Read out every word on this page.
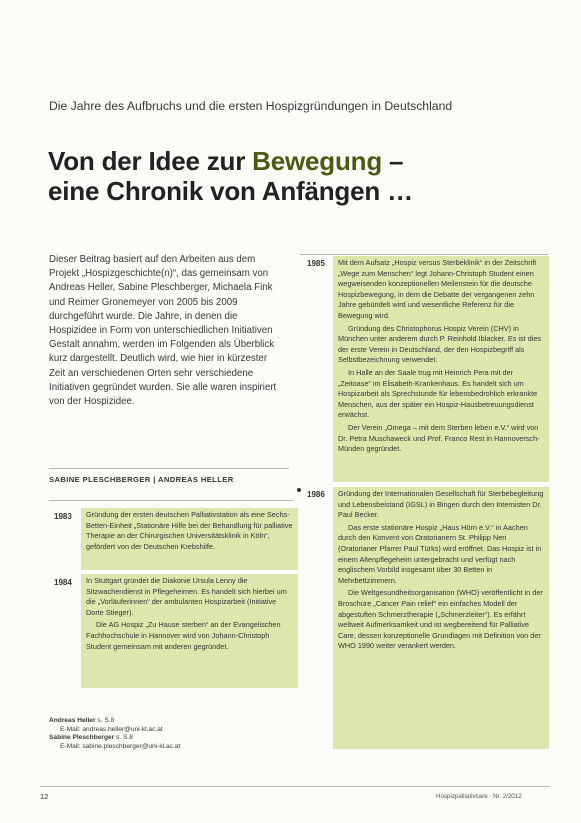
Die Jahre des Aufbruchs und die ersten Hospizgründungen in Deutschland
Von der Idee zur Bewegung –
eine Chronik von Anfängen …

Dieser Beitrag basiert auf den Arbeiten aus dem Projekt „Hospizgeschichte(n)“, das gemeinsam von Andreas Heller, Sabine Pleschberger, Michaela Fink und Reimer Gronemeyer von 2005 bis 2009 durchgeführt wurde. Die Jahre, in denen die Hospizidee in Form von unterschiedlichen Initiativen Gestalt annahm, werden im Folgenden als Überblick kurz dargestellt. Deutlich wird, wie hier in kürzester Zeit an verschiedenen Orten sehr verschiedene Initiativen gegründet wurden. Sie alle waren inspiriert von der Hospizidee.

SABINE PLESCHBERGER | ANDREAS HELLER
1983 Gründung der ersten deutschen Palliativstation als eine Sechs-Betten-Einheit „Stationäre Hilfe bei der Behandlung für palliative Therapie an der Chirurgischen Universitätsklinik in Köln“, gefördert von der Deutschen Krebshilfe.

1984 In Stuttgart gründet die Diakonie Ursula Lenny die Sitzwachendienst in Pflegeheimen. Es handelt sich hierbei um die „Vorläuferinnen“ der ambulanten Hospizarbeit (Initiative Dorte Stieger).

Die AG Hospiz „Zu Hause sterben“ an der Evangelischen Fachhochschule in Hannover wird von Johann-Christoph Student gemeinsam mit anderen gegründet.

1985 Mit dem Aufsatz „Hospiz versus Sterbeklinik“ in der Zeitschrift „Wege zum Menschen“ legt Johann-Christoph Student einen wegweisenden konzeptionellen Meilenstein für die deutsche Hospizbewegung, in dem die Debatte der vergangenen zehn Jahre gebündelt wird und wesentliche Referenz für die Bewegung wird.

Gründung des Christophorus Hospiz Verein (CHV) in München unter anderem durch P. Reinhold Iblacker. Es ist dies der erste Verein in Deutschland, der den Hospizbegriff als Selbstbezeichnung verwendet.

In Halle an der Saale trug mit Heinrich Pera mit der „Zeitoase“ im Elisabeth-Krankenhaus. Es handelt sich um Hospizarbeit als Sprechstunde für lebensbedrohlich erkrankte Menschen, aus der später ein Hospiz-Hausbetreuungsdienst erwächst.

Der Verein „Omega – mit dem Sterben leben e.V.“ wird von Dr. Petra Muschaweck und Prof. Franco Rest in Hannoversch-Münden gegründet.

1986 Gründung der Internationalen Gesellschaft für Sterbebegleitung und Lebensbeistand (IGSL) in Bingen durch den Internisten Dr. Paul Becker.

Das erste stationäre Hospiz „Haus Hörn e.V.“ in Aachen durch den Konvent von Oratorianern St. Philipp Neri (Oratorianer Pfarrer Paul Türks) wird eröffnet. Das Hospiz ist in einem Altenpflegeheim untergebracht und verfügt nach englischem Vorbild insgesamt über 30 Betten in Mehrbettzimmern.

Die Weltgesundheitsorganisation (WHO) veröffentlicht in der Broschüre „Cancer Pain relief“ ein einfaches Modell der abgestuften Schmerztherapie („Schmerzleiter“). Es erfährt weltweit Aufmerksamkeit und ist wegbereitend für Palliative Care, dessen konzeptionelle Grundlagen mit Definition von der WHO 1990 weiter verankert werden.

Andreas Heller s. S.8
E-Mail: andreas.heller@uni-kl.ac.at
Sabine Pleschberger s. S.8
E-Mail: sabine.pleschberger@uni-kl.ac.at
12	Hospizpalliativcare · Nr. 2/2012
